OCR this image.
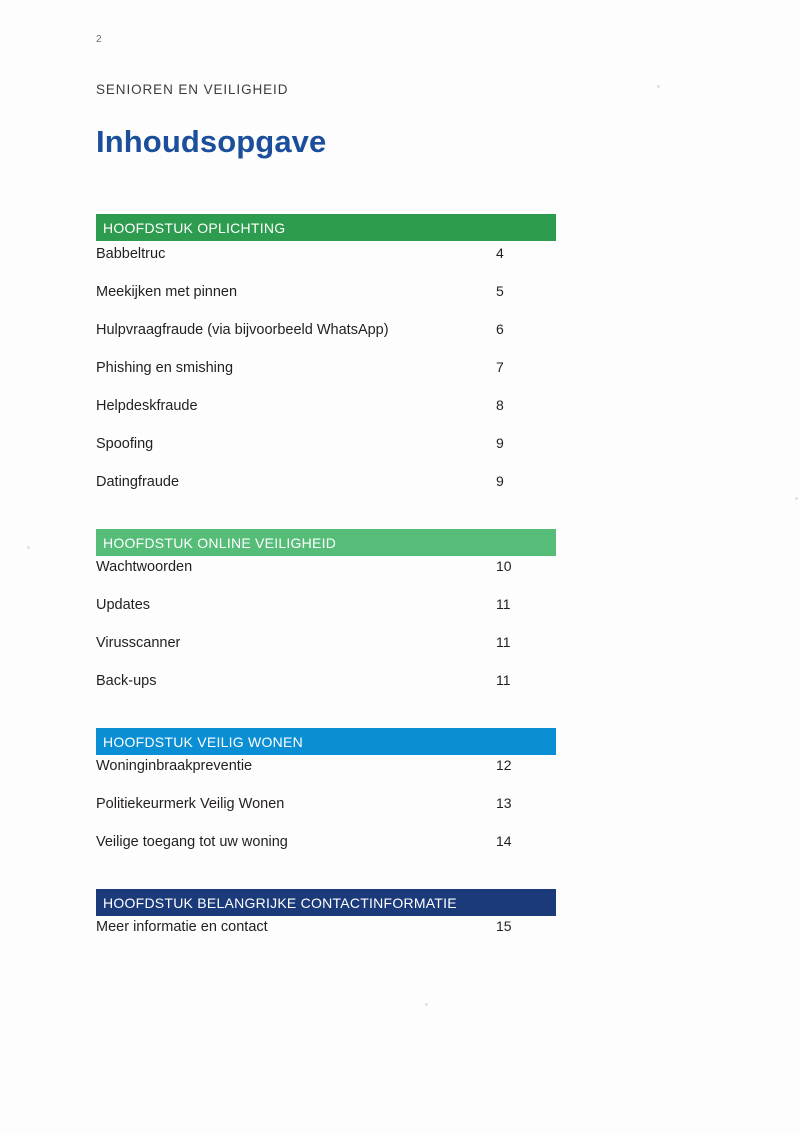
2
SENIOREN EN VEILIGHEID
Inhoudsopgave
HOOFDSTUK OPLICHTING
Babbeltruc	4
Meekijken met pinnen	5
Hulpvraagfraude (via bijvoorbeeld WhatsApp)	6
Phishing en smishing	7
Helpdeskfraude	8
Spoofing	9
Datingfraude	9
HOOFDSTUK ONLINE VEILIGHEID
Wachtwoorden	10
Updates	11
Virusscanner	11
Back-ups	11
HOOFDSTUK VEILIG WONEN
Woninginbraakpreventie	12
Politiekeurmerk Veilig Wonen	13
Veilige toegang tot uw woning	14
HOOFDSTUK BELANGRIJKE CONTACTINFORMATIE
Meer informatie en contact	15
